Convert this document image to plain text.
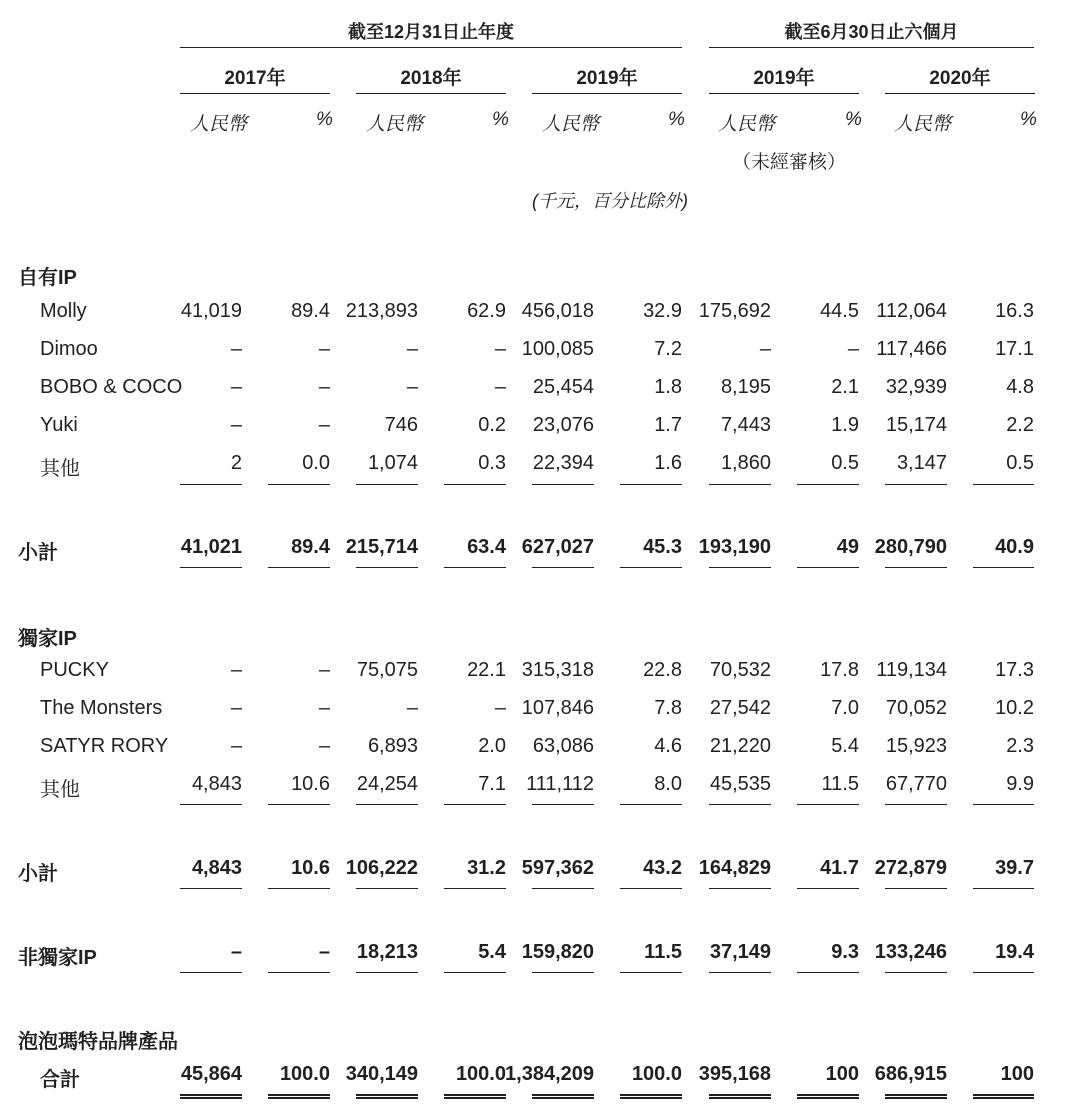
截至12月31日止年度	截至6月30日止六個月
2017年	2018年	2019年	2019年	2020年
人民幣	% 人民幣	% 人民幣	% 人民幣	% 人民幣	%
（未經審核）
(千元，百分比除外)
自有IP
Molly	41,019	89.4 213,893	62.9 456,018	32.9 175,692	44.5 112,064	16.3
Dimoo	–	–	–	– 100,085	7.2	–	– 117,466	17.1
BOBO & COCO	–	–	–	–	25,454	1.8	8,195	2.1	32,939	4.8
Yuki	–	–	746	0.2	23,076	1.7	7,443	1.9	15,174	2.2
其他	2	0.0	1,074	0.3	22,394	1.6	1,860	0.5	3,147	0.5
小計	41,021	89.4 215,714	63.4 627,027	45.3 193,190	49 280,790	40.9
獨家IP
PUCKY	–	–	75,075	22.1 315,318	22.8	70,532	17.8 119,134	17.3
The Monsters	–	–	–	– 107,846	7.8	27,542	7.0	70,052	10.2
SATYR RORY	–	–	6,893	2.0	63,086	4.6	21,220	5.4	15,923	2.3
其他	4,843	10.6	24,254	7.1	111,112	8.0	45,535	11.5	67,770	9.9
小計	4,843	10.6 106,222	31.2 597,362	43.2 164,829	41.7 272,879	39.7
非獨家IP	–	–	18,213	5.4 159,820	11.5	37,149	9.3 133,246	19.4
泡泡瑪特品牌產品
合計	45,864	100.0 340,149	100.0 1,384,209	100.0 395,168	100 686,915	100
